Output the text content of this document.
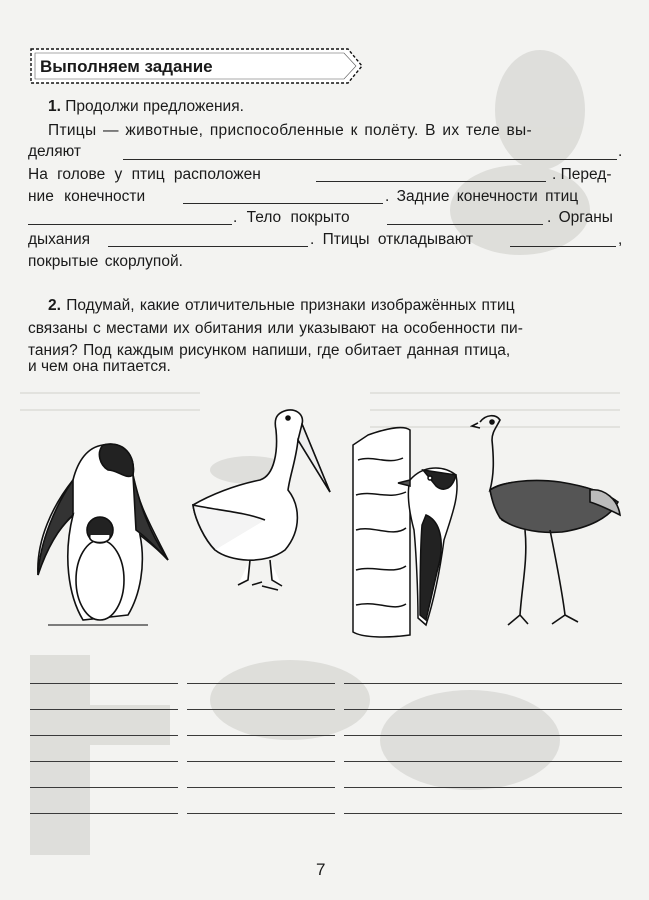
Выполняем задание
1. Продолжи предложения.
Птицы — животные, приспособленные к полёту. В их теле вы-
деляют	.
На голове у птиц расположен	. Перед-
ние конечности	. Задние конечности птиц
. Тело покрыто	. Органы
дыхания	. Птицы откладывают	,
покрытые скорлупой.
2. Подумай, какие отличительные признаки изображённых птиц
связаны с местами их обитания или указывают на особенности пи-
тания? Под каждым рисунком напиши, где обитает данная птица,
и чем она питается.
7
